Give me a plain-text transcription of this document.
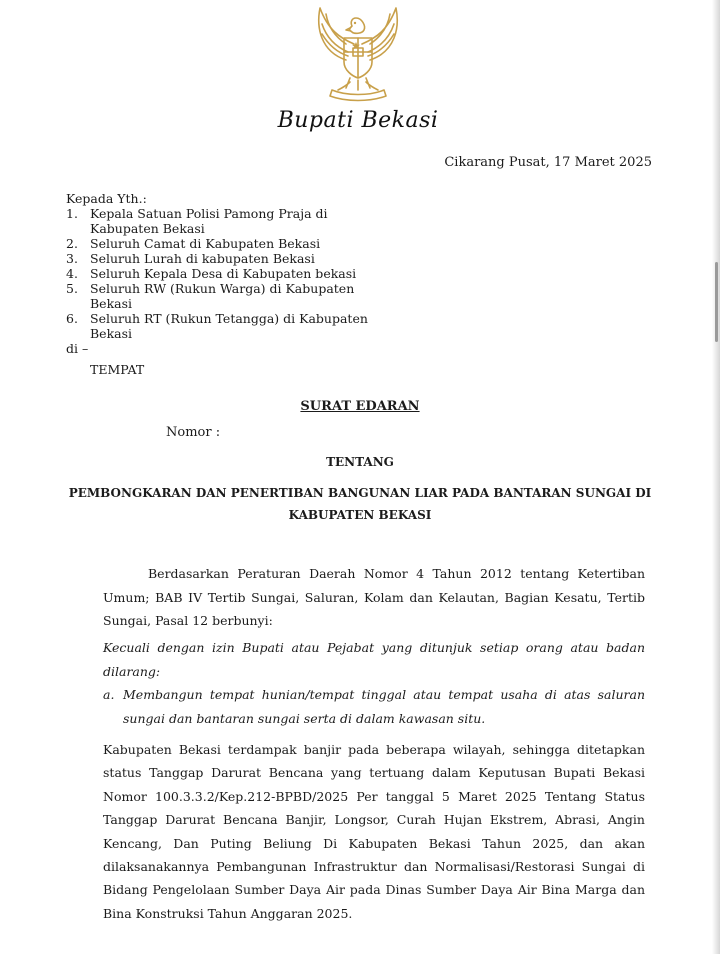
Bupati Bekasi
Cikarang Pusat, 17 Maret 2025
Kepada Yth.:
1. Kepala Satuan Polisi Pamong Praja di Kabupaten Bekasi
2. Seluruh Camat di Kabupaten Bekasi
3. Seluruh Lurah di kabupaten Bekasi
4. Seluruh Kepala Desa di Kabupaten bekasi
5. Seluruh RW (Rukun Warga) di Kabupaten Bekasi
6. Seluruh RT (Rukun Tetangga) di Kabupaten Bekasi
di –
TEMPAT
SURAT EDARAN
Nomor :
TENTANG
PEMBONGKARAN DAN PENERTIBAN BANGUNAN LIAR PADA BANTARAN SUNGAI DI
KABUPATEN BEKASI
Berdasarkan Peraturan Daerah Nomor 4 Tahun 2012 tentang Ketertiban Umum; BAB IV Tertib Sungai, Saluran, Kolam dan Kelautan, Bagian Kesatu, Tertib Sungai, Pasal 12 berbunyi:
Kecuali dengan izin Bupati atau Pejabat yang ditunjuk setiap orang atau badan dilarang:
a. Membangun tempat hunian/tempat tinggal atau tempat usaha di atas saluran sungai dan bantaran sungai serta di dalam kawasan situ.
Kabupaten Bekasi terdampak banjir pada beberapa wilayah, sehingga ditetapkan status Tanggap Darurat Bencana yang tertuang dalam Keputusan Bupati Bekasi Nomor 100.3.3.2/Kep.212-BPBD/2025 Per tanggal 5 Maret 2025 Tentang Status Tanggap Darurat Bencana Banjir, Longsor, Curah Hujan Ekstrem, Abrasi, Angin Kencang, Dan Puting Beliung Di Kabupaten Bekasi Tahun 2025, dan akan dilaksanakannya Pembangunan Infrastruktur dan Normalisasi/Restorasi Sungai di Bidang Pengelolaan Sumber Daya Air pada Dinas Sumber Daya Air Bina Marga dan Bina Konstruksi Tahun Anggaran 2025.
